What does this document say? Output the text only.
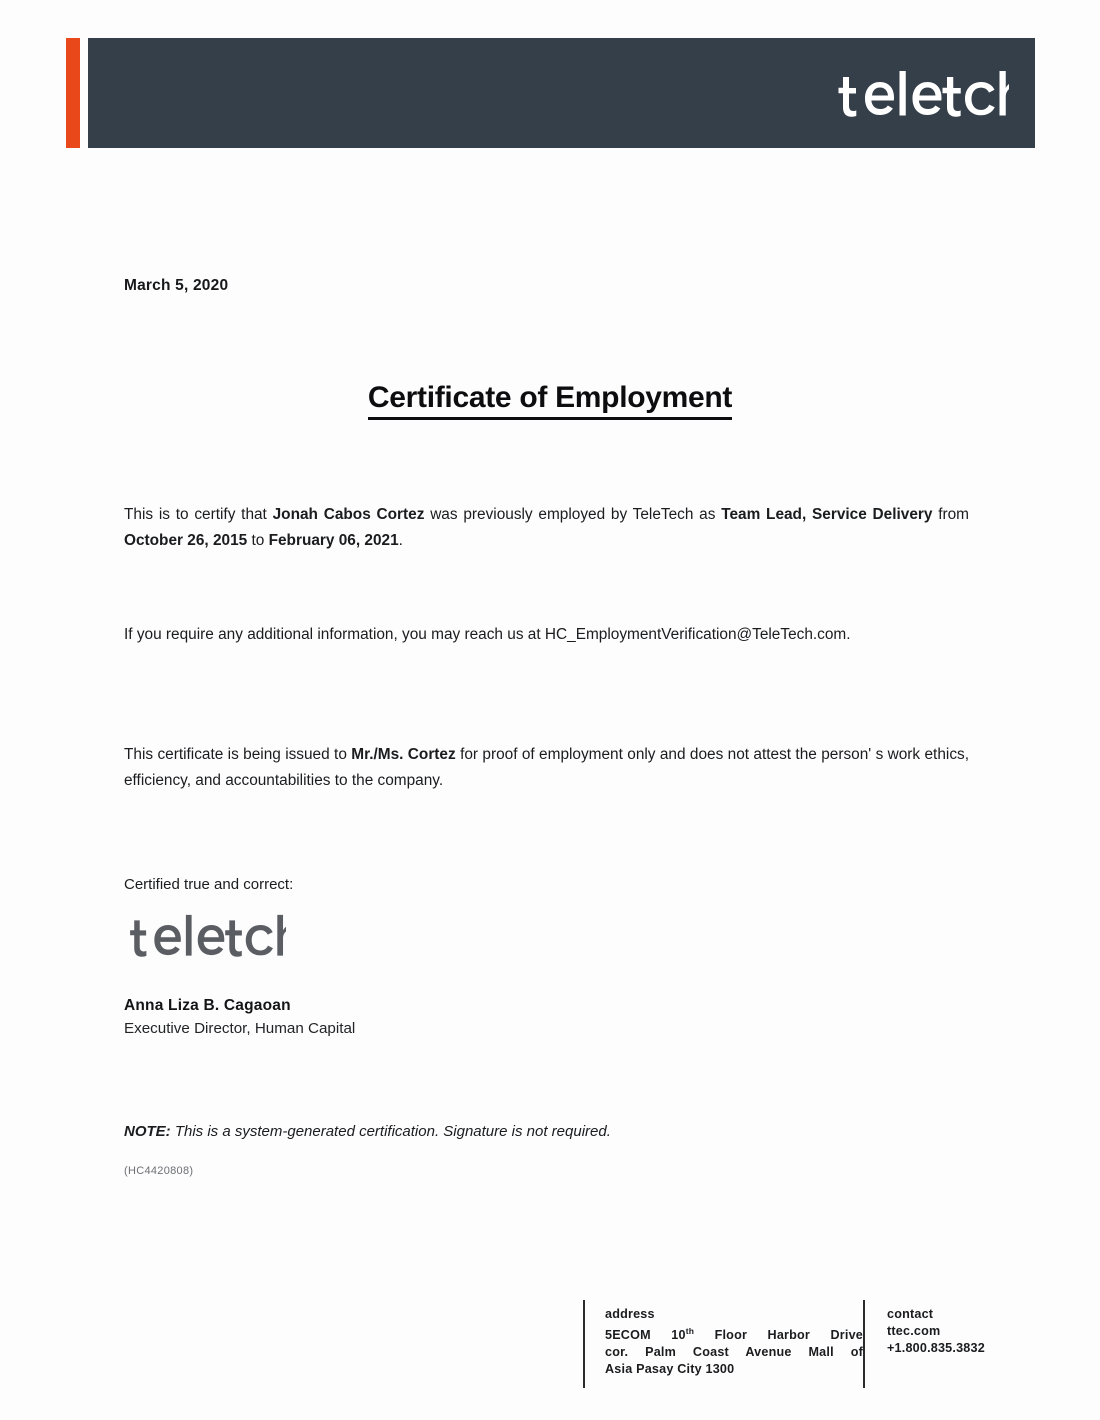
March 5, 2020
Certificate of Employment
This is to certify that Jonah Cabos Cortez was previously employed by TeleTech as Team Lead, Service Delivery from October 26, 2015 to February 06, 2021.
If you require any additional information, you may reach us at HC_EmploymentVerification@TeleTech.com.
This certificate is being issued to Mr./Ms. Cortez for proof of employment only and does not attest the person' s work ethics, efficiency, and accountabilities to the company.
Certified true and correct:
Anna Liza B. Cagaoan
Executive Director, Human Capital
NOTE: This is a system-generated certification. Signature is not required.
(HC4420808)
address
5ECOM 10th Floor Harbor Drive
cor. Palm Coast Avenue Mall of
Asia Pasay City 1300
contact
ttec.com
+1.800.835.3832
